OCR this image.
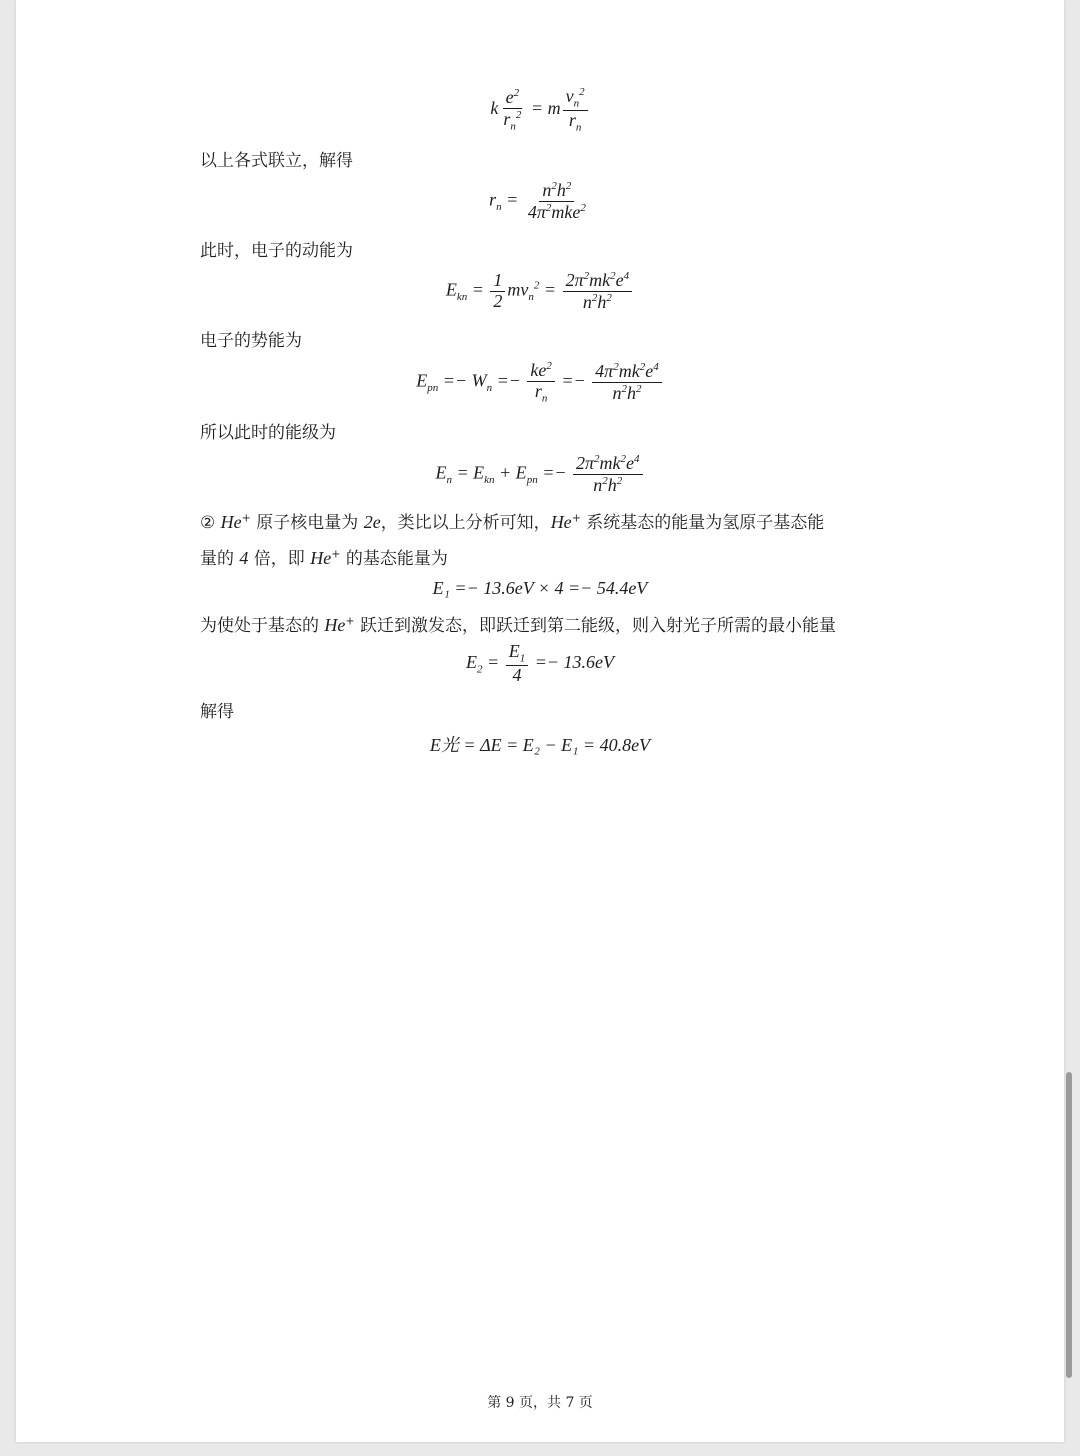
k $\frac{e^2}{r_n^2} = m \frac{v_n^2}{r_n}$
以上各式联立，解得
$r_n = \frac{n^2h^2}{4\pi^2mke^2}$
此时，电子的动能为
$E_{kn} = \frac{1}{2} mv_n^2 = \frac{2\pi^2mk^2e^4}{n^2h^2}$
电子的势能为
$E_{pn} =- W_n =- \frac{ke^2}{r_n} =- \frac{4\pi^2mk^2e^4}{n^2h^2}$
所以此时的能级为
$E_n = E_{kn} + E_{pn} =- \frac{2\pi^2mk^2e^4}{n^2h^2}$
② He+ 原子核电量为 2e，类比以上分析可知，He+ 系统基态的能量为氢原子基态能
量的 4 倍，即 He+ 的基态能量为
E₁ =− 13.6eV × 4 =− 54.4eV
为使处于基态的 He+ 跃迁到激发态，即跃迁到第二能级，则入射光子所需的最小能量
$E_2 = \frac{E_1}{4} =- 13.6eV$
解得
E光 = ΔE = E₂ − E₁ = 40.8eV
第 9 页，共 7 页
